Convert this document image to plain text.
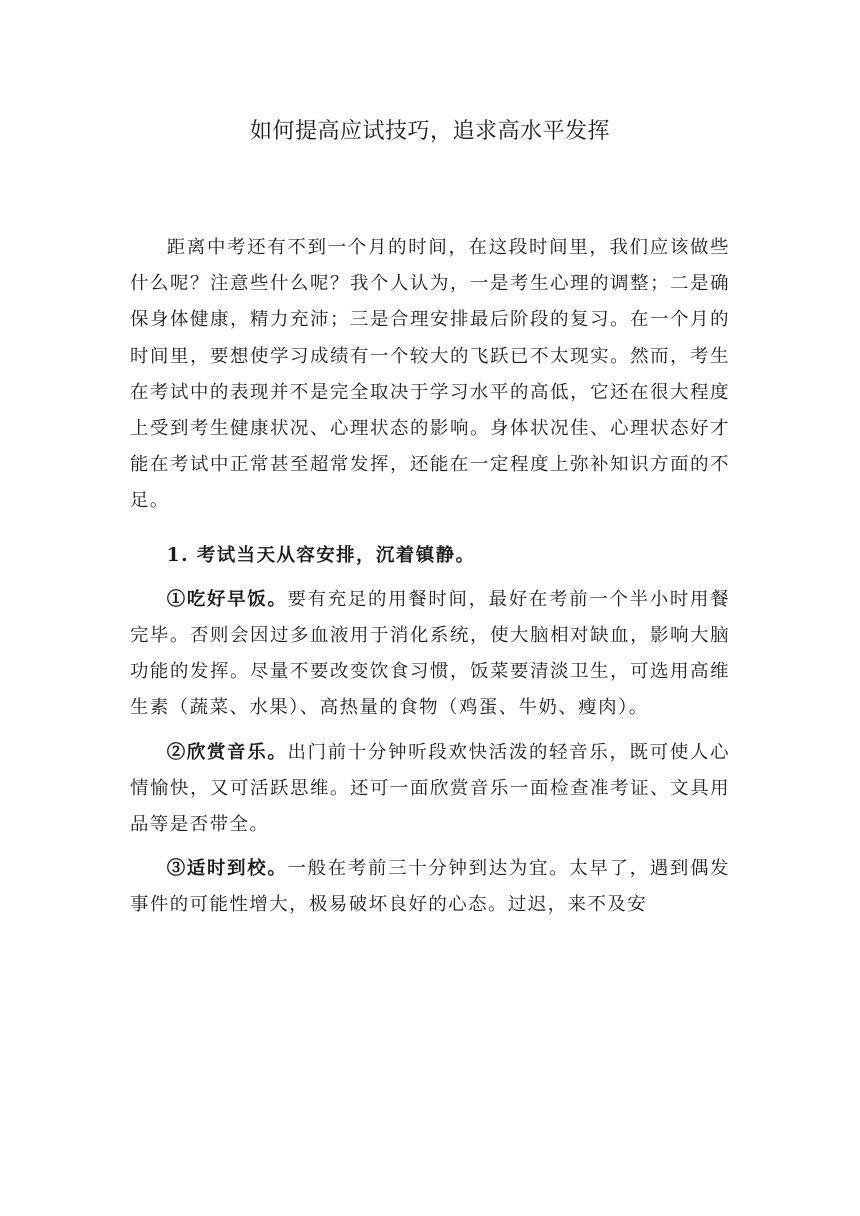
如何提高应试技巧，追求高水平发挥

距离中考还有不到一个月的时间，在这段时间里，我们应该做些什么呢？注意些什么呢？我个人认为，一是考生心理的调整；二是确保身体健康，精力充沛；三是合理安排最后阶段的复习。在一个月的时间里，要想使学习成绩有一个较大的飞跃已不太现实。然而，考生在考试中的表现并不是完全取决于学习水平的高低，它还在很大程度上受到考生健康状况、心理状态的影响。身体状况佳、心理状态好才能在考试中正常甚至超常发挥，还能在一定程度上弥补知识方面的不足。

1. 考试当天从容安排，沉着镇静。

①吃好早饭。要有充足的用餐时间，最好在考前一个半小时用餐完毕。否则会因过多血液用于消化系统，使大脑相对缺血，影响大脑功能的发挥。尽量不要改变饮食习惯，饭菜要清淡卫生，可选用高维生素（蔬菜、水果）、高热量的食物（鸡蛋、牛奶、瘦肉）。

②欣赏音乐。出门前十分钟听段欢快活泼的轻音乐，既可使人心情愉快，又可活跃思维。还可一面欣赏音乐一面检查准考证、文具用品等是否带全。

③适时到校。一般在考前三十分钟到达为宜。太早了，遇到偶发事件的可能性增大，极易破坏良好的心态。过迟，来不及安
